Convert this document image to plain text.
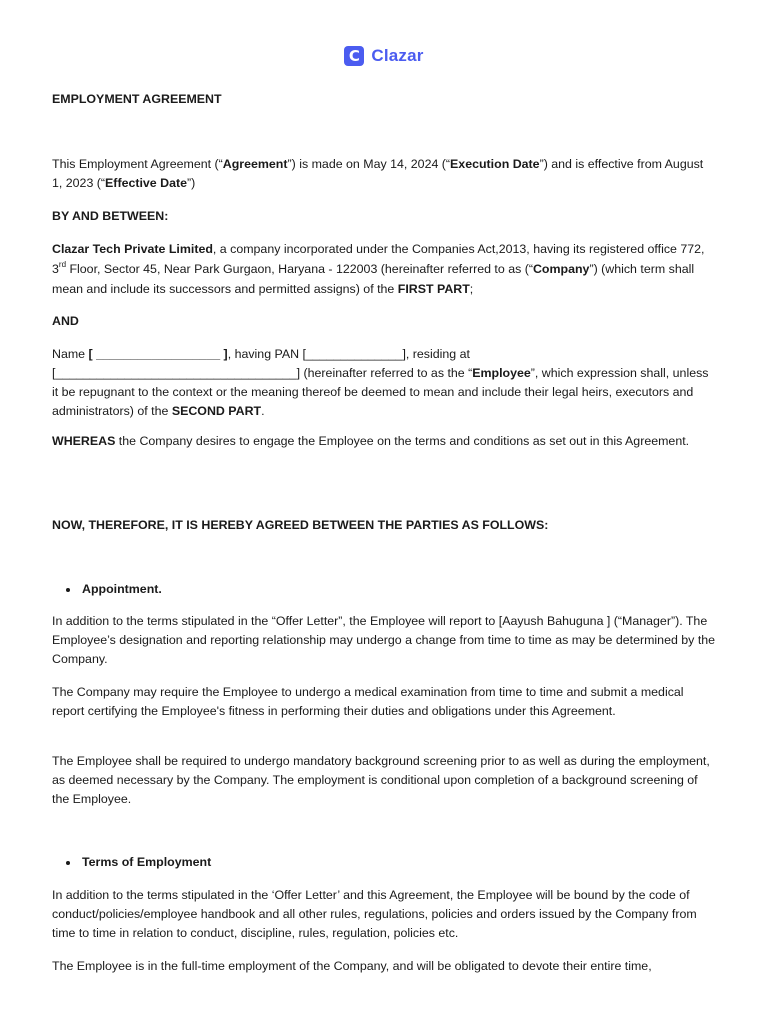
C Clazar

EMPLOYMENT AGREEMENT

This Employment Agreement (“Agreement”) is made on May 14, 2024 (“Execution Date”) and is effective from August 1, 2023 (“Effective Date”)

BY AND BETWEEN:

Clazar Tech Private Limited, a company incorporated under the Companies Act,2013, having its registered office 772, 3rd Floor, Sector 45, Near Park Gurgaon, Haryana - 122003 (hereinafter referred to as (“Company”) (which term shall mean and include its successors and permitted assigns) of the FIRST PART;

AND

Name [ __________________ ], having PAN [______________], residing at [___________________________________] (hereinafter referred to as the “Employee”, which expression shall, unless it be repugnant to the context or the meaning thereof be deemed to mean and include their legal heirs, executors and administrators) of the SECOND PART.

WHEREAS the Company desires to engage the Employee on the terms and conditions as set out in this Agreement.

NOW, THEREFORE, IT IS HEREBY AGREED BETWEEN THE PARTIES AS FOLLOWS:

Appointment.

In addition to the terms stipulated in the “Offer Letter”, the Employee will report to [Aayush Bahuguna ] (“Manager”). The Employee’s designation and reporting relationship may undergo a change from time to time as may be determined by the Company.

The Company may require the Employee to undergo a medical examination from time to time and submit a medical report certifying the Employee's fitness in performing their duties and obligations under this Agreement.

The Employee shall be required to undergo mandatory background screening prior to as well as during the employment, as deemed necessary by the Company. The employment is conditional upon completion of a background screening of the Employee.

Terms of Employment

In addition to the terms stipulated in the ‘Offer Letter’ and this Agreement, the Employee will be bound by the code of conduct/policies/employee handbook and all other rules, regulations, policies and orders issued by the Company from time to time in relation to conduct, discipline, rules, regulation, policies etc.

The Employee is in the full-time employment of the Company, and will be obligated to devote their entire time,
